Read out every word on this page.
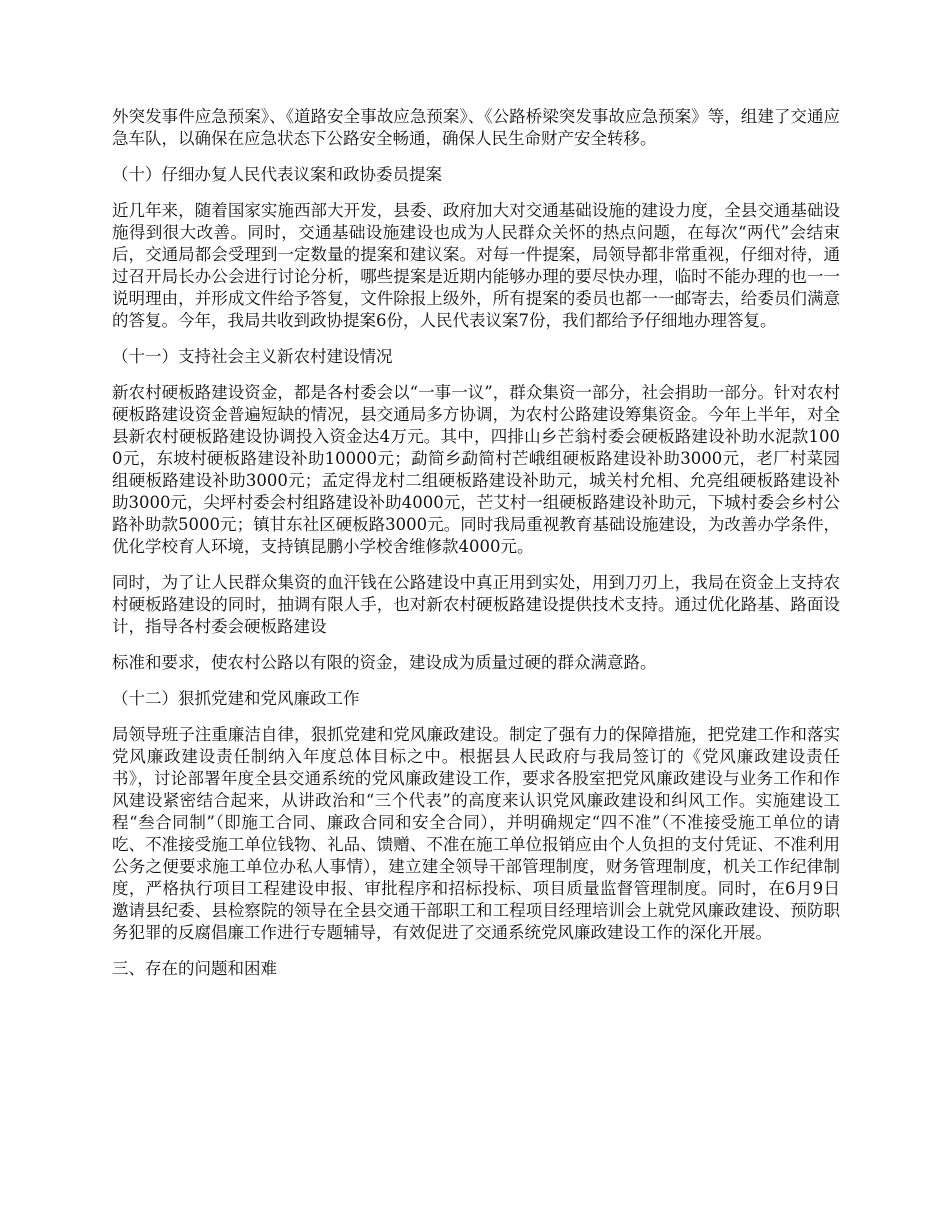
外突发事件应急预案》、《道路安全事故应急预案》、《公路桥梁突发事故应急预案》等，组建了交通应急车队，以确保在应急状态下公路安全畅通，确保人民生命财产安全转移。

（十）仔细办复人民代表议案和政协委员提案

近几年来，随着国家实施西部大开发，县委、政府加大对交通基础设施的建设力度，全县交通基础设施得到很大改善。同时，交通基础设施建设也成为人民群众关怀的热点问题，在每次“两代”会结束后，交通局都会受理到一定数量的提案和建议案。对每一件提案，局领导都非常重视，仔细对待，通过召开局长办公会进行讨论分析，哪些提案是近期内能够办理的要尽快办理，临时不能办理的也一一说明理由，并形成文件给予答复，文件除报上级外，所有提案的委员也都一一邮寄去，给委员们满意的答复。今年，我局共收到政协提案6份，人民代表议案7份，我们都给予仔细地办理答复。

（十一）支持社会主义新农村建设情况

新农村硬板路建设资金，都是各村委会以“一事一议”，群众集资一部分，社会捐助一部分。针对农村硬板路建设资金普遍短缺的情况，县交通局多方协调，为农村公路建设筹集资金。今年上半年，对全县新农村硬板路建设协调投入资金达4万元。其中，四排山乡芒翁村委会硬板路建设补助水泥款1000元，东坡村硬板路建设补助10000元；勐简乡勐简村芒峨组硬板路建设补助3000元，老厂村菜园组硬板路建设补助3000元；孟定得龙村二组硬板路建设补助元，城关村允相、允亮组硬板路建设补助3000元，尖坪村委会村组路建设补助4000元，芒艾村一组硬板路建设补助元，下城村委会乡村公路补助款5000元；镇甘东社区硬板路3000元。同时我局重视教育基础设施建设，为改善办学条件，优化学校育人环境，支持镇昆鹏小学校舍维修款4000元。

同时，为了让人民群众集资的血汗钱在公路建设中真正用到实处，用到刀刃上，我局在资金上支持农村硬板路建设的同时，抽调有限人手，也对新农村硬板路建设提供技术支持。通过优化路基、路面设计，指导各村委会硬板路建设

标准和要求，使农村公路以有限的资金，建设成为质量过硬的群众满意路。

（十二）狠抓党建和党风廉政工作

局领导班子注重廉洁自律，狠抓党建和党风廉政建设。制定了强有力的保障措施，把党建工作和落实党风廉政建设责任制纳入年度总体目标之中。根据县人民政府与我局签订的《党风廉政建设责任书》，讨论部署年度全县交通系统的党风廉政建设工作，要求各股室把党风廉政建设与业务工作和作风建设紧密结合起来，从讲政治和“三个代表”的高度来认识党风廉政建设和纠风工作。实施建设工程“叁合同制”（即施工合同、廉政合同和安全合同），并明确规定“四不准”（不准接受施工单位的请吃、不准接受施工单位钱物、礼品、馈赠、不准在施工单位报销应由个人负担的支付凭证、不准利用公务之便要求施工单位办私人事情），建立建全领导干部管理制度，财务管理制度，机关工作纪律制度，严格执行项目工程建设申报、审批程序和招标投标、项目质量监督管理制度。同时，在6月9日邀请县纪委、县检察院的领导在全县交通干部职工和工程项目经理培训会上就党风廉政建设、预防职务犯罪的反腐倡廉工作进行专题辅导，有效促进了交通系统党风廉政建设工作的深化开展。

三、存在的问题和困难
